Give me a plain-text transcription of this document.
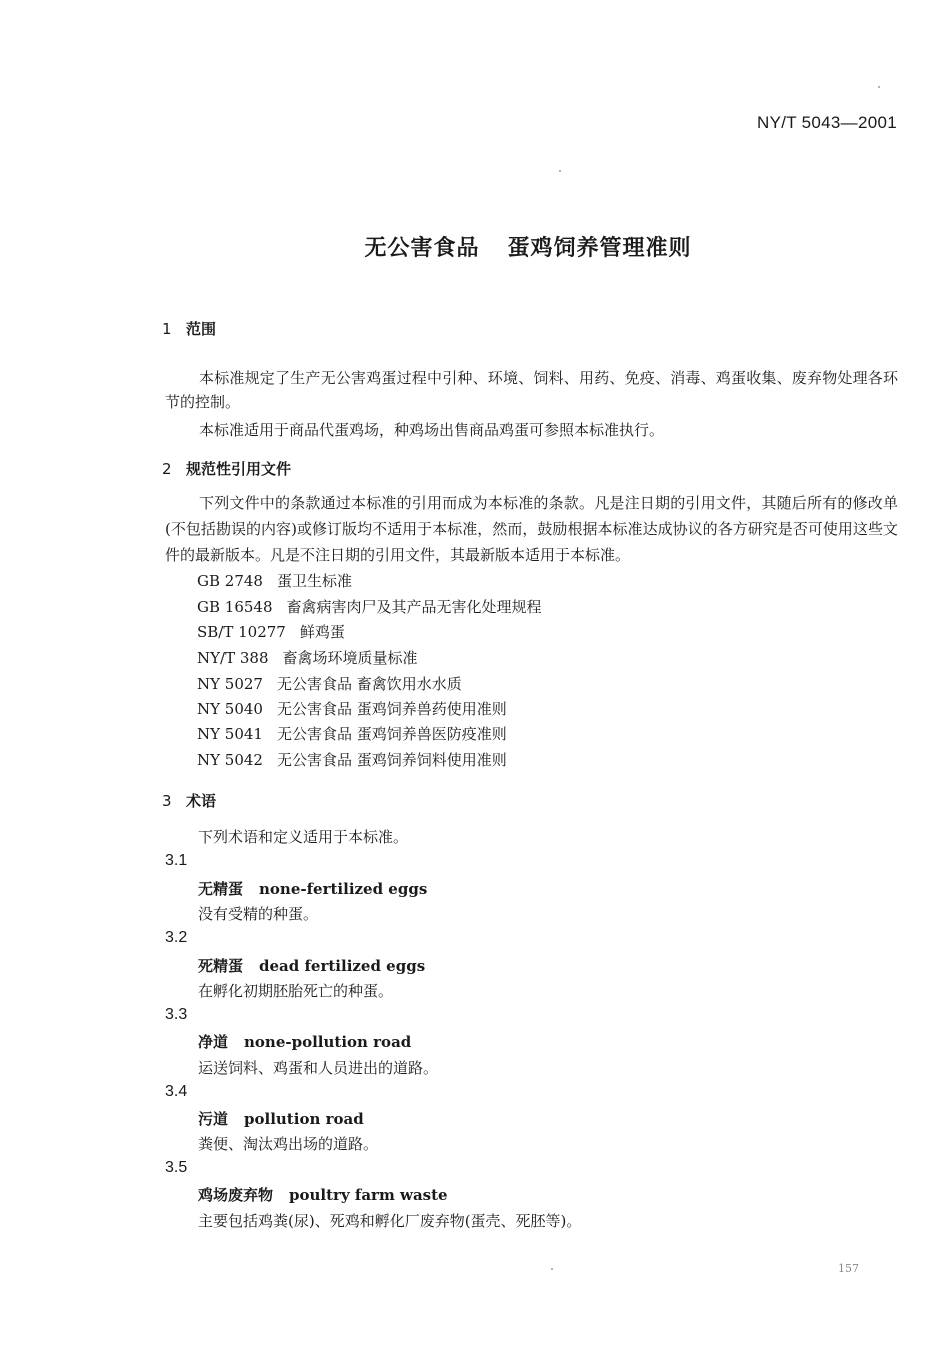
NY/T 5043—2001
无公害食品 蛋鸡饲养管理准则
1 范围
本标准规定了生产无公害鸡蛋过程中引种、环境、饲料、用药、免疫、消毒、鸡蛋收集、废弃物处理各环节的控制。
本标准适用于商品代蛋鸡场，种鸡场出售商品鸡蛋可参照本标准执行。
2 规范性引用文件
下列文件中的条款通过本标准的引用而成为本标准的条款。凡是注日期的引用文件，其随后所有的修改单(不包括勘误的内容)或修订版均不适用于本标准，然而，鼓励根据本标准达成协议的各方研究是否可使用这些文件的最新版本。凡是不注日期的引用文件，其最新版本适用于本标准。
GB 2748 蛋卫生标准
GB 16548 畜禽病害肉尸及其产品无害化处理规程
SB/T 10277 鲜鸡蛋
NY/T 388 畜禽场环境质量标准
NY 5027 无公害食品 畜禽饮用水水质
NY 5040 无公害食品 蛋鸡饲养兽药使用准则
NY 5041 无公害食品 蛋鸡饲养兽医防疫准则
NY 5042 无公害食品 蛋鸡饲养饲料使用准则
3 术语
下列术语和定义适用于本标准。
3.1
无精蛋 none-fertilized eggs
没有受精的种蛋。
3.2
死精蛋 dead fertilized eggs
在孵化初期胚胎死亡的种蛋。
3.3
净道 none-pollution road
运送饲料、鸡蛋和人员进出的道路。
3.4
污道 pollution road
粪便、淘汰鸡出场的道路。
3.5
鸡场废弃物 poultry farm waste
主要包括鸡粪(尿)、死鸡和孵化厂废弃物(蛋壳、死胚等)。
157
